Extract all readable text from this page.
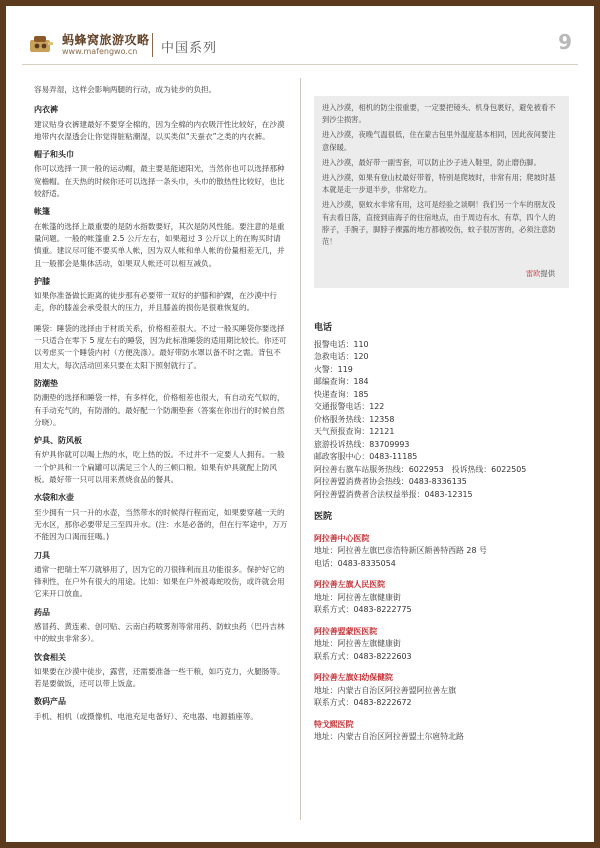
蚂蜂窝旅游攻略
www.mafengwo.cn 中国系列	9

容易弄湿，这样会影响两腿的行动，成为徒步的负担。

内衣裤

建议贴身衣裤建最好不要穿全棉的，因为全棉的内衣吸汗性比较好，在沙漠地带内衣湿透会让你觉得脏粘潮湿，以买类似“天蚕衣”之类的内衣裤。

帽子和头巾

你可以选择一顶一般的运动帽，最主要是能遮阳光，当然你也可以选择那种宽檐帽。在天热的时候你还可以选择一条头巾，头巾的散热性比较好，也比较舒适。

帐篷

在帐篷的选择上最重要的是防水指数要好，其次是防风性能。要注意的是重量问题。一般的帐篷重 2.5 公斤左右，如果超过 3 公斤以上的在购买时请慎重。建议尽可能不要买单人帐，因为双人帐和单人帐的份量相差无几，并且一般都会是集体活动，如果双人帐还可以相互减负。

护膝

如果你准备做长距离的徒步那有必要带一双好的护膝和护踝，在沙漠中行走，你的膝盖会承受很大的压力，并且膝盖的损伤是很难恢复的。

睡袋：睡袋的选择由于材质关系，价格相差很大。不过一般买睡袋你要选择一只适合在零下 5 度左右的睡袋，因为此标准睡袋的适用期比较长。你还可以考虑买一个睡袋内衬（方便洗涤）。最好带防水罩以备不时之需。背包不用太大，每次活动回来只要在太阳下照射就行了。

防潮垫

防潮垫的选择和睡袋一样，有多样化，价格相差也很大，有自动充气似的，有手动充气的，有防滑的。最好配一个防潮垫套（答案在你出行的时候自然分晓）。

炉具、防风板

有炉具你就可以喝上热的水，吃上热的饭。不过并不一定要人人拥有。一般一个炉具和一个扁罐可以满足三个人的三顿口粮。如果有炉具就配上防风板。最好带一只可以用来煮烧食品的餐具。

水袋和水壶

至少拥有一只一升的水壶，当然带水的时候得行程而定，如果要穿越一天的无水区，那你必要带足三至四升水。(注：水是必备的，但在行军途中，万万不能因为口渴而狂喝。)

刀具

通常一把瑞士军刀就够用了，因为它的刀很锋利而且功能很多。保护好它的锋利性，在户外有很大的用途。比如：如果在户外被毒蛇咬伤，或许就会用它来开口放血。

药品

感冒药、黄连素、创可贴、云南白药喷雾剂等常用药、防蚊虫药（巴丹吉林中的蚊虫非常多）。

饮食相关

如果要在沙漠中徒步，露营，还需要准备一些干粮，如巧克力，火腿肠等。若是要做饭，还可以带上饭盒。

数码产品

手机、相机（或摄像机、电池充足电备好）、充电器、电源插座等。

进入沙漠，相机的防尘很重要，一定要把镜头、机身包裹好，避免被看不到沙尘损害。

进入沙漠，夜晚气温很低，住在蒙古包里外温度基本相同，因此夜间要注意保暖。

进入沙漠，最好带一副雪套，可以防止沙子进入鞋里，防止磨伤脚。

进入沙漠，如果有登山杖最好带着，特别是爬坡时，非常有用；爬坡时基本就是走一步退半步，非常吃力。

进入沙漠，驱蚊水非常有用，这可是经验之谈啊！我们另一个车的朋友没有去看日落，直接到庙海子的住宿地点，由于周边有水、有草，四个人的脖子，手腕子，脚脖子裸露的地方都被咬伤，蚊子很厉害的，必须注意防范！

雷欧提供

电话

报警电话：110

急救电话：120

火警：119

邮编查询：184

快递查询：185

交通报警电话：122

价格服务热线：12358

天气预报查询：12121

旅游投诉热线：83709993

邮政客服中心：0483-11185

阿拉善右旗车站服务热线：6022953　投诉热线：6022505

阿拉善盟消费者协会热线：0483-8336135

阿拉善盟消费者合法权益举报：0483-12315

医院

阿拉善中心医院

地址：阿拉善左旗巴彦浩特新区额善特西路 28 号

电话：0483-8335054

阿拉善左旗人民医院

地址：阿拉善左旗健康街

联系方式：0483-8222775

阿拉善盟蒙医医院

地址：阿拉善左旗健康街

联系方式：0483-8222603

阿拉善左旗妇幼保健院

地址：内蒙古自治区阿拉善盟阿拉善左旗

联系方式：0483-8222672

特戈熙医院

地址：内蒙古自治区阿拉善盟土尔扈特北路
